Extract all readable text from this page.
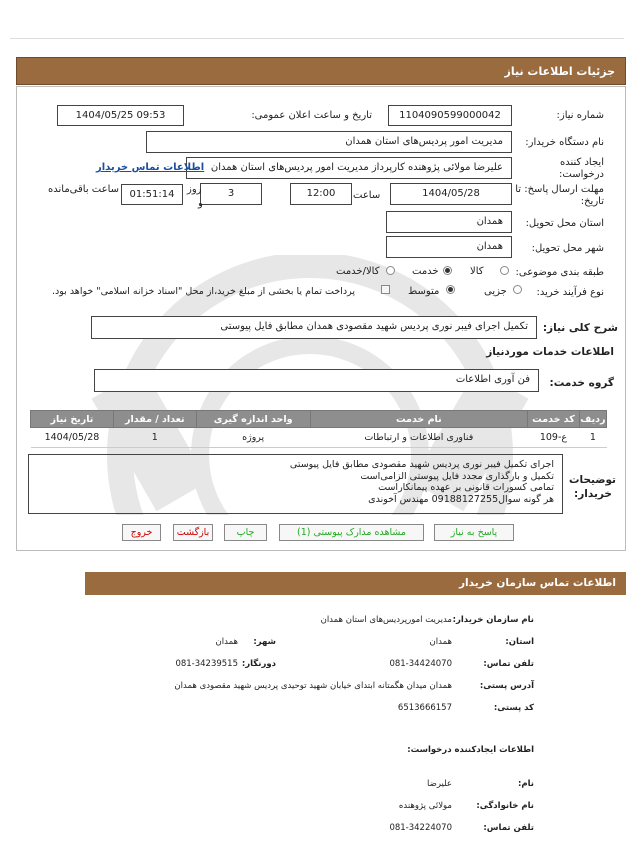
جزئیات اطلاعات نیاز
شماره نیاز:
1104090599000042
تاریخ و ساعت اعلان عمومی:
1404/05/25 09:53
نام دستگاه خریدار:
مدیریت امور پردیس‌های استان همدان
ایجاد کننده
درخواست:
علیرضا مولائی پژوهنده کارپرداز مدیریت امور پردیس‌های استان همدان
اطلاعات تماس خریدار
مهلت ارسال پاسخ: تا
تاریخ:
1404/05/28
ساعت
12:00
3
روز
و
01:51:14
ساعت باقی‌مانده
استان محل تحویل:
همدان
شهر محل تحویل:
همدان
طبقه بندی موضوعی:
کالا
خدمت
کالا/خدمت
نوع فرآیند خرید:
جزیی
متوسط
پرداخت تمام یا بخشی از مبلغ خرید،از محل "اسناد خزانه اسلامی" خواهد بود.
شرح کلی نیاز:
تکمیل اجرای فیبر نوری پردیس شهید مقصودی همدان مطابق فایل پیوستی
اطلاعات خدمات موردنیاز
گروه خدمت:
فن آوری اطلاعات
ردیف	کد خدمت	نام خدمت	واحد اندازه گیری	تعداد / مقدار	تاریخ نیاز
1	ع-109	فناوری اطلاعات و ارتباطات	پروژه	1	1404/05/28
توضیحات
خریدار:
اجرای تکمیل فیبر نوری پردیس شهید مقصودی مطابق فایل پیوستی
تکمیل و بارگذاری مجدد فایل پیوستی الزامی‌است
تمامی کسورات قانونی بر عهده پیمانکاراست
هر گونه سوال09188127255 مهندس آخوندی
پاسخ به نیاز
مشاهده مدارک پیوستی (1)
چاپ
بازگشت
خروج
اطلاعات تماس سازمان خریدار
نام سازمان خریدار:
مدیریت امورپردیس‌های استان همدان
استان:
همدان
شهر:
همدان
تلفن تماس:
081-34424070
دورنگار:
081-34239515
آدرس پستی:
همدان میدان هگمتانه ابتدای خیابان شهید توحیدی پردیس شهید مقصودی همدان
کد پستی:
6513666157
اطلاعات ایجادکننده درخواست:
نام:
علیرضا
نام خانوادگی:
مولائی پژوهنده
تلفن تماس:
081-34224070
